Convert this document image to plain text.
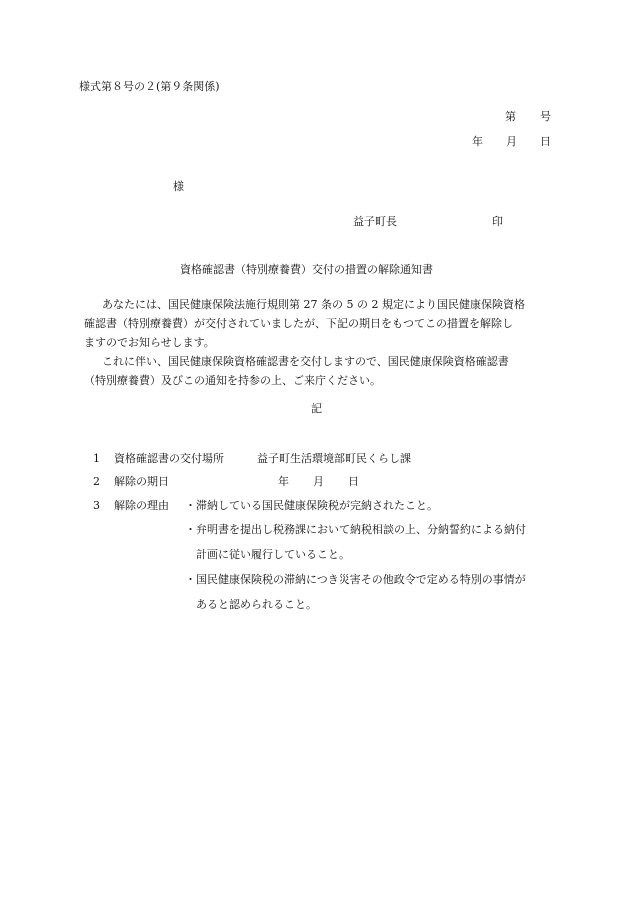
様式第８号の２(第９条関係)
第 号
年 月 日
様
益子町長	印
資格確認書（特別療養費）交付の措置の解除通知書
あなたには、国民健康保険法施行規則第 27 条の 5 の 2 規定により国民健康保険資格
確認書（特別療養費）が交付されていましたが、下記の期日をもつてこの措置を解除し
ますのでお知らせします。
これに伴い、国民健康保険資格確認書を交付しますので、国民健康保険資格確認書
（特別療養費）及びこの通知を持参の上、ご来庁ください。
記
1 資格確認書の交付場所	益子町生活環境部町民くらし課
2 解除の期日	年 月 日
3 解除の理由 ・ 滞納している国民健康保険税が完納されたこと。
・ 弁明書を提出し税務課において納税相談の上、分納誓約による納付
計画に従い履行していること。
・ 国民健康保険税の滞納につき災害その他政令で定める特別の事情が
あると認められること。
